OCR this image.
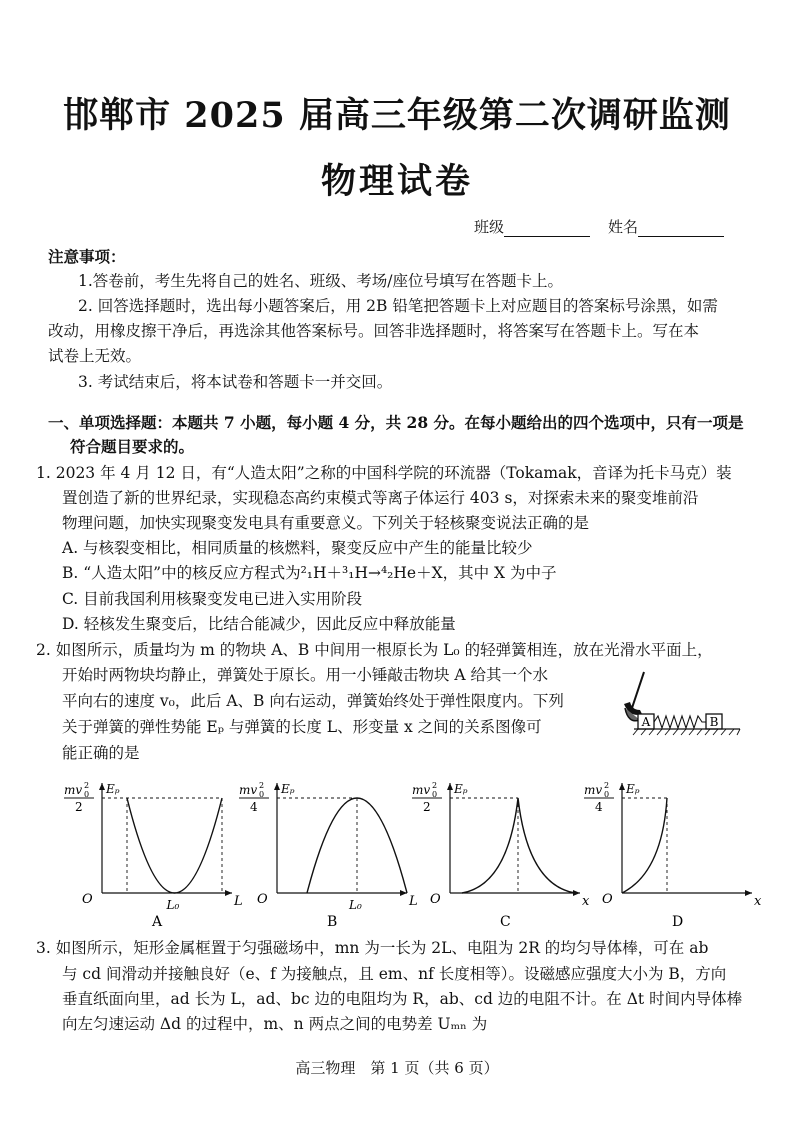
邯郸市 2025 届高三年级第二次调研监测
物理试卷
班级	姓名
注意事项：
1.答卷前，考生先将自己的姓名、班级、考场/座位号填写在答题卡上。
2. 回答选择题时，选出每小题答案后，用 2B 铅笔把答题卡上对应题目的答案标号涂黑，如需
改动，用橡皮擦干净后，再选涂其他答案标号。回答非选择题时，将答案写在答题卡上。写在本
试卷上无效。
3. 考试结束后，将本试卷和答题卡一并交回。
一、单项选择题：本题共 7 小题，每小题 4 分，共 28 分。在每小题给出的四个选项中，只有一项是
符合题目要求的。
1. 2023 年 4 月 12 日，有“人造太阳”之称的中国科学院的环流器（Tokamak，音译为托卡马克）装
置创造了新的世界纪录，实现稳态高约束模式等离子体运行 403 s，对探索未来的聚变堆前沿
物理问题，加快实现聚变发电具有重要意义。下列关于轻核聚变说法正确的是
A. 与核裂变相比，相同质量的核燃料，聚变反应中产生的能量比较少
B. “人造太阳”中的核反应方程式为²₁H＋³₁H→⁴₂He＋X，其中 X 为中子
C. 目前我国利用核聚变发电已进入实用阶段
D. 轻核发生聚变后，比结合能减少，因此反应中释放能量
2. 如图所示，质量均为 m 的物块 A、B 中间用一根原长为 L₀ 的轻弹簧相连，放在光滑水平面上，
开始时两物块均静止，弹簧处于原长。用一小锤敲击物块 A 给其一个水
平向右的速度 v₀，此后 A、B 向右运动，弹簧始终处于弹性限度内。下列
关于弹簧的弹性势能 Eₚ 与弹簧的长度 L、形变量 x 之间的关系图像可
能正确的是
A	B
O
Eₚ
L
mv 2
0
2
L₀
A
O
Eₚ
L
mv 2
0
4
L₀
B
O
Eₚ
x
mv 2
0
2
C
O
Eₚ
x
mv 2
0
4
D
3. 如图所示，矩形金属框置于匀强磁场中，mn 为一长为 2L、电阻为 2R 的均匀导体棒，可在 ab
与 cd 间滑动并接触良好（e、f 为接触点，且 em、nf 长度相等）。设磁感应强度大小为 B，方向
垂直纸面向里，ad 长为 L，ad、bc 边的电阻均为 R，ab、cd 边的电阻不计。在 Δt 时间内导体棒
向左匀速运动 Δd 的过程中，m、n 两点之间的电势差 Uₘₙ 为
高三物理　第 1 页（共 6 页）
